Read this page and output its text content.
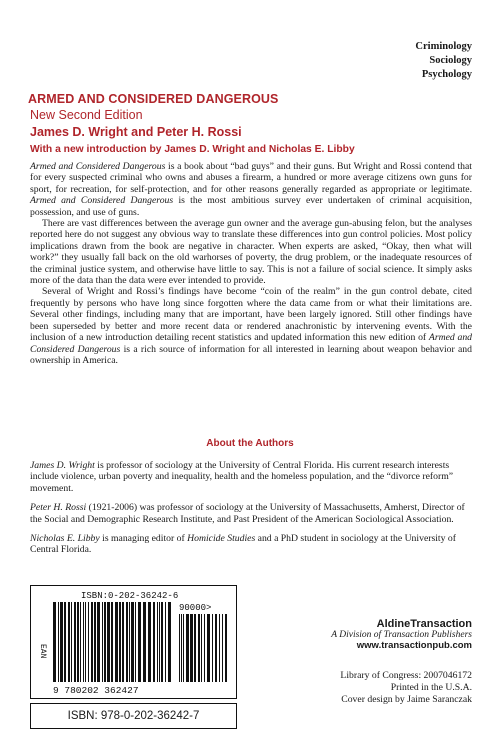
Criminology
Sociology
Psychology
ARMED AND CONSIDERED DANGEROUS
New Second Edition
James D. Wright and Peter H. Rossi
With a new introduction by James D. Wright and Nicholas E. Libby

Armed and Considered Dangerous is a book about “bad guys” and their guns. But Wright and Rossi contend that for every suspected criminal who owns and abuses a firearm, a hundred or more average citizens own guns for sport, for recreation, for self-protection, and for other reasons generally regarded as appropriate or legitimate. Armed and Considered Dangerous is the most ambitious survey ever undertaken of criminal acquisition, possession, and use of guns.

There are vast differences between the average gun owner and the average gun-abusing felon, but the analyses reported here do not suggest any obvious way to translate these differences into gun control policies. Most policy implications drawn from the book are negative in character. When experts are asked, “Okay, then what will work?” they usually fall back on the old warhorses of poverty, the drug problem, or the inadequate resources of the criminal justice system, and otherwise have little to say. This is not a failure of social science. It simply asks more of the data than the data were ever intended to provide.

Several of Wright and Rossi’s findings have become “coin of the realm” in the gun control debate, cited frequently by persons who have long since forgotten where the data came from or what their limitations are. Several other findings, including many that are important, have been largely ignored. Still other findings have been superseded by better and more recent data or rendered anachronistic by intervening events. With the inclusion of a new introduction detailing recent statistics and updated information this new edition of Armed and Considered Dangerous is a rich source of information for all interested in learning about weapon behavior and ownership in America.

About the Authors

James D. Wright is professor of sociology at the University of Central Florida. His current research interests include violence, urban poverty and inequality, health and the homeless population, and the “divorce reform” movement.

Peter H. Rossi (1921-2006) was professor of sociology at the University of Massachusetts, Amherst, Director of the Social and Demographic Research Institute, and Past President of the American Sociological Association.

Nicholas E. Libby is managing editor of Homicide Studies and a PhD student in sociology at the University of Central Florida.

ISBN:0-202-36242-6
90000>
EAN
9 780202 362427
ISBN: 978-0-202-36242-7
AldineTransaction
A Division of Transaction Publishers
www.transactionpub.com
Library of Congress: 2007046172
Printed in the U.S.A.
Cover design by Jaime Saranczak
